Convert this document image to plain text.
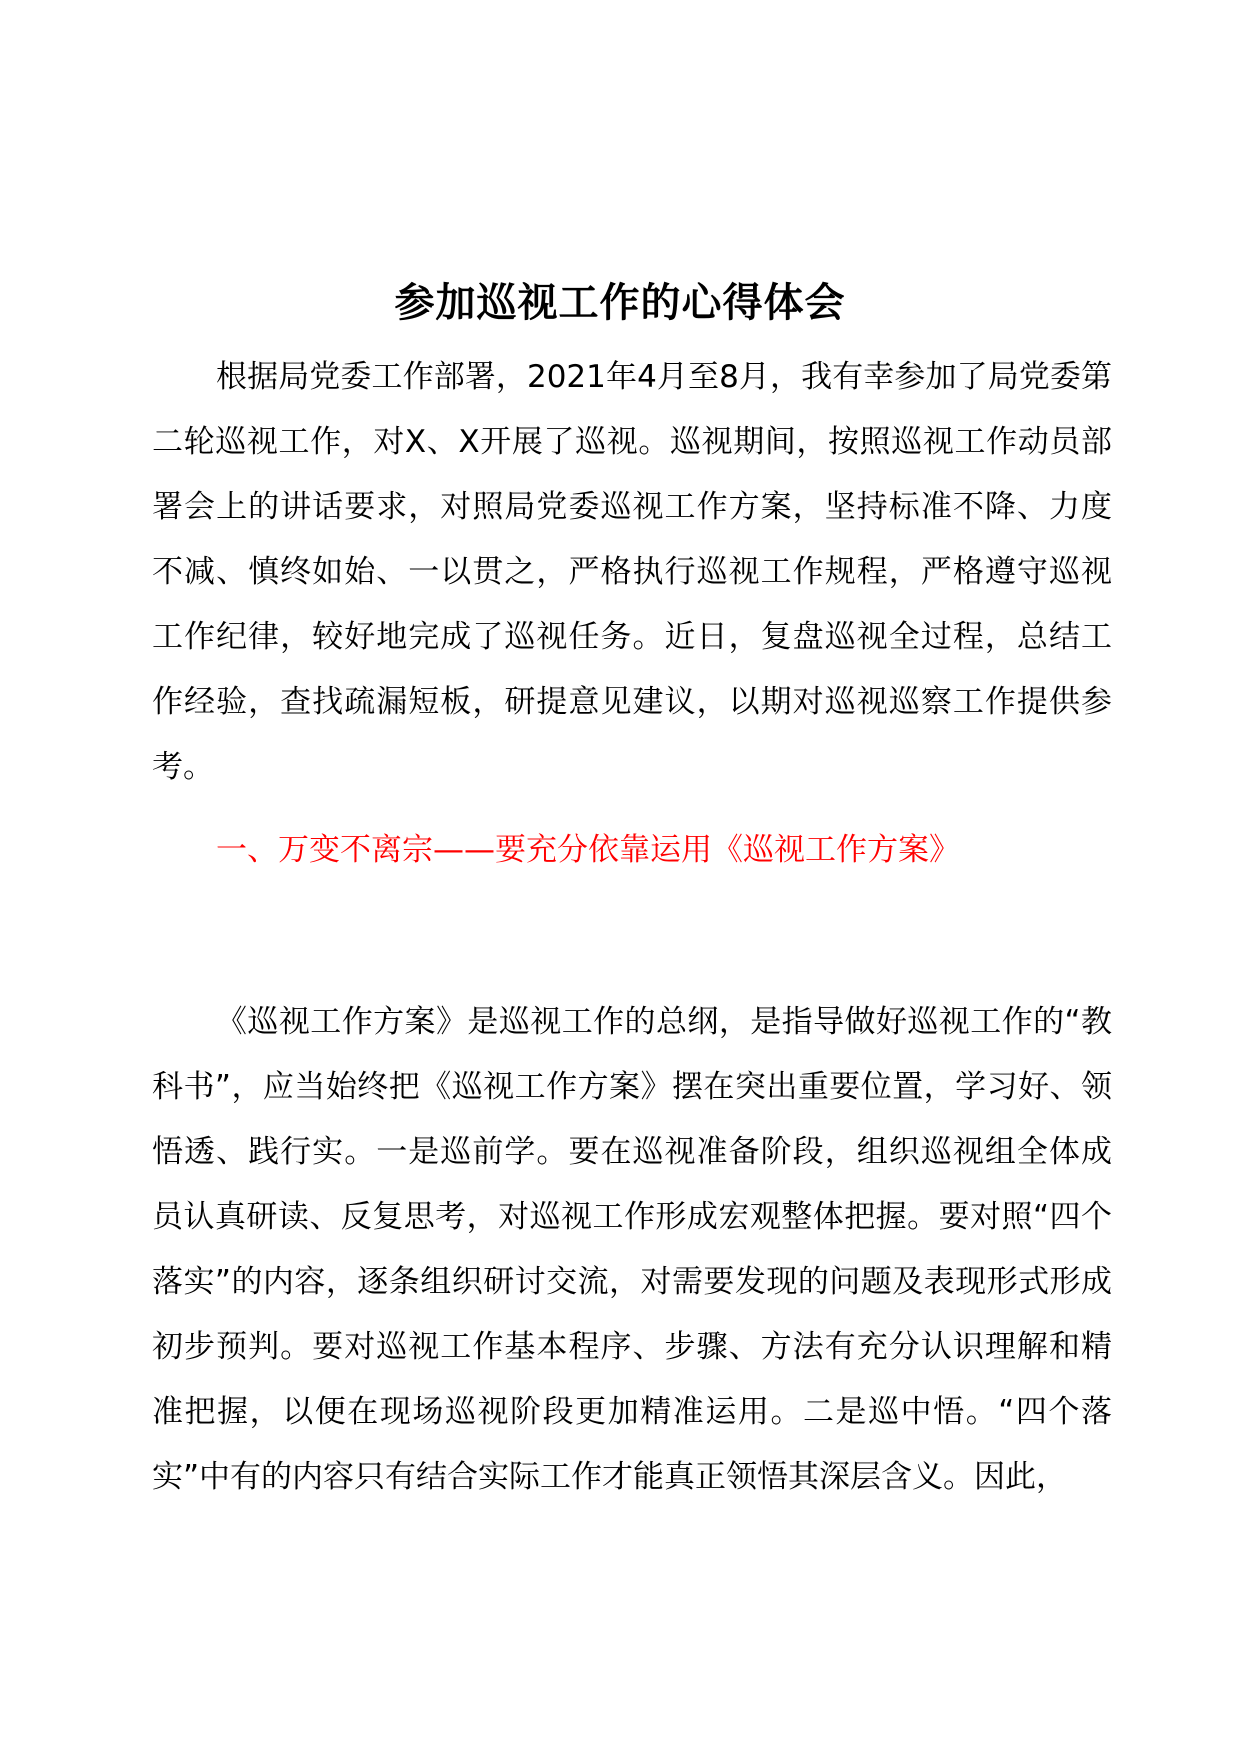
参加巡视工作的心得体会

根据局党委工作部署，2021年4月至8月，我有幸参加了局党委第二轮巡视工作，对X、X开展了巡视。巡视期间，按照巡视工作动员部署会上的讲话要求，对照局党委巡视工作方案，坚持标准不降、力度不减、慎终如始、一以贯之，严格执行巡视工作规程，严格遵守巡视工作纪律，较好地完成了巡视任务。近日，复盘巡视全过程，总结工作经验，查找疏漏短板，研提意见建议，以期对巡视巡察工作提供参考。

一、万变不离宗——要充分依靠运用《巡视工作方案》

《巡视工作方案》是巡视工作的总纲，是指导做好巡视工作的“教科书”，应当始终把《巡视工作方案》摆在突出重要位置，学习好、领悟透、践行实。一是巡前学。要在巡视准备阶段，组织巡视组全体成员认真研读、反复思考，对巡视工作形成宏观整体把握。要对照“四个落实”的内容，逐条组织研讨交流，对需要发现的问题及表现形式形成初步预判。要对巡视工作基本程序、步骤、方法有充分认识理解和精准把握，以便在现场巡视阶段更加精准运用。二是巡中悟。“四个落实”中有的内容只有结合实际工作才能真正领悟其深层含义。因此，
